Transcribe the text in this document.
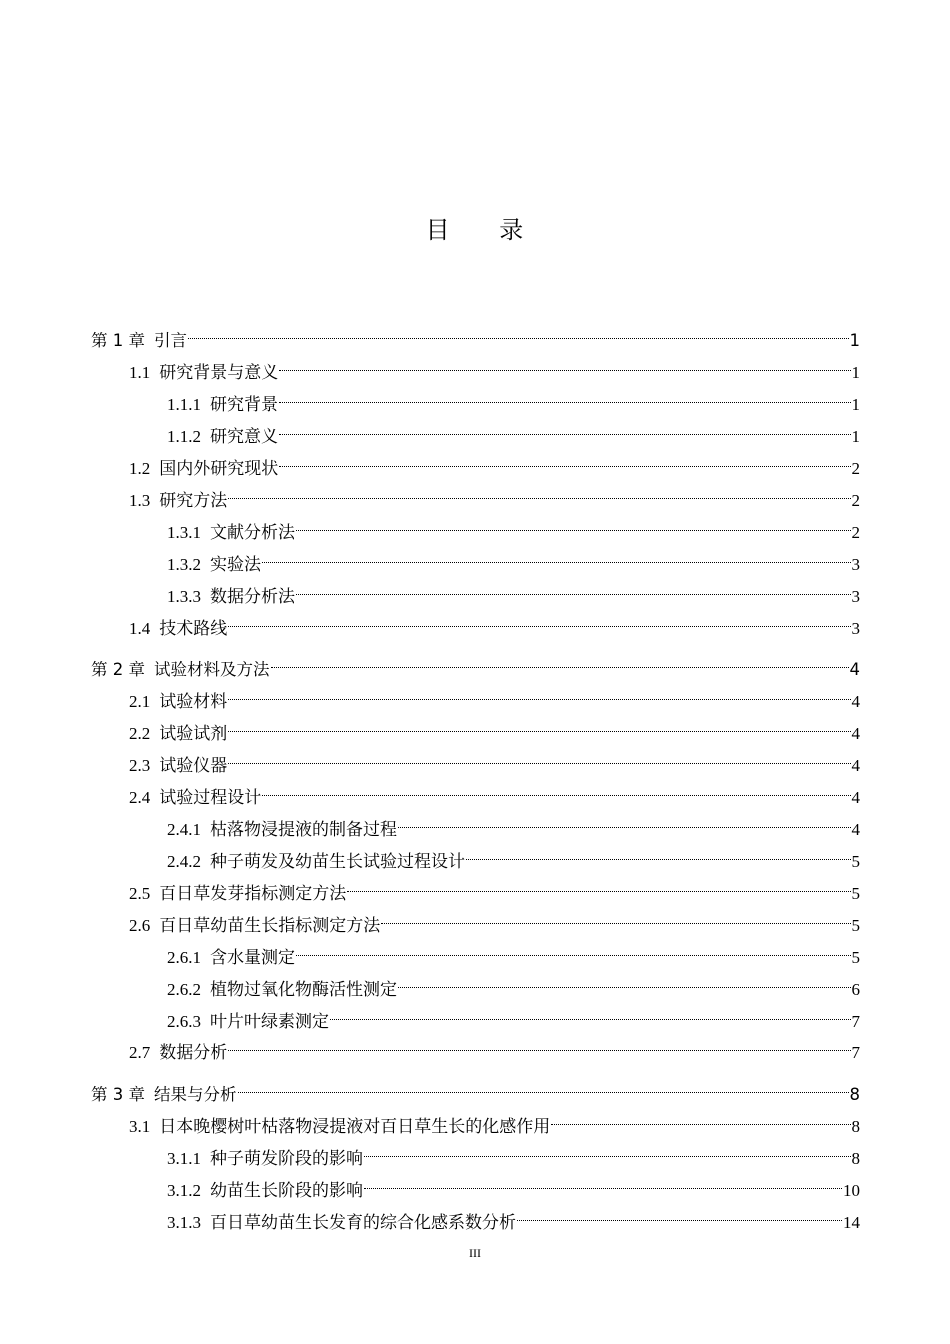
目 录
第 1 章 引言	1
1.1 研究背景与意义	1
1.1.1 研究背景	1
1.1.2 研究意义	1
1.2 国内外研究现状	2
1.3 研究方法	2
1.3.1 文献分析法	2
1.3.2 实验法	3
1.3.3 数据分析法	3
1.4 技术路线	3
第 2 章 试验材料及方法	4
2.1 试验材料	4
2.2 试验试剂	4
2.3 试验仪器	4
2.4 试验过程设计	4
2.4.1 枯落物浸提液的制备过程	4
2.4.2 种子萌发及幼苗生长试验过程设计	5
2.5 百日草发芽指标测定方法	5
2.6 百日草幼苗生长指标测定方法	5
2.6.1 含水量测定	5
2.6.2 植物过氧化物酶活性测定	6
2.6.3 叶片叶绿素测定	7
2.7 数据分析	7
第 3 章 结果与分析	8
3.1 日本晚樱树叶枯落物浸提液对百日草生长的化感作用	8
3.1.1 种子萌发阶段的影响	8
3.1.2 幼苗生长阶段的影响	10
3.1.3 百日草幼苗生长发育的综合化感系数分析	14
III
